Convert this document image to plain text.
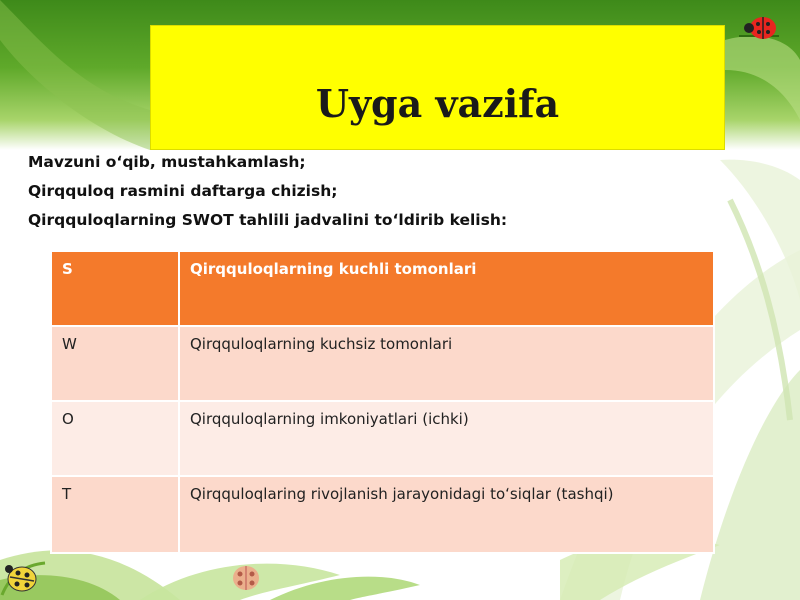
Uyga vazifa
Mavzuni oʻqib, mustahkamlash;
Qirqquloq rasmini daftarga chizish;
Qirqquloqlarning SWOT tahlili jadvalini toʻldirib kelish:
S	Qirqquloqlarning kuchli tomonlari
W	Qirqquloqlarning kuchsiz tomonlari
O	Qirqquloqlarning imkoniyatlari (ichki)
T	Qirqquloqlaring rivojlanish jarayonidagi toʻsiqlar (tashqi)
